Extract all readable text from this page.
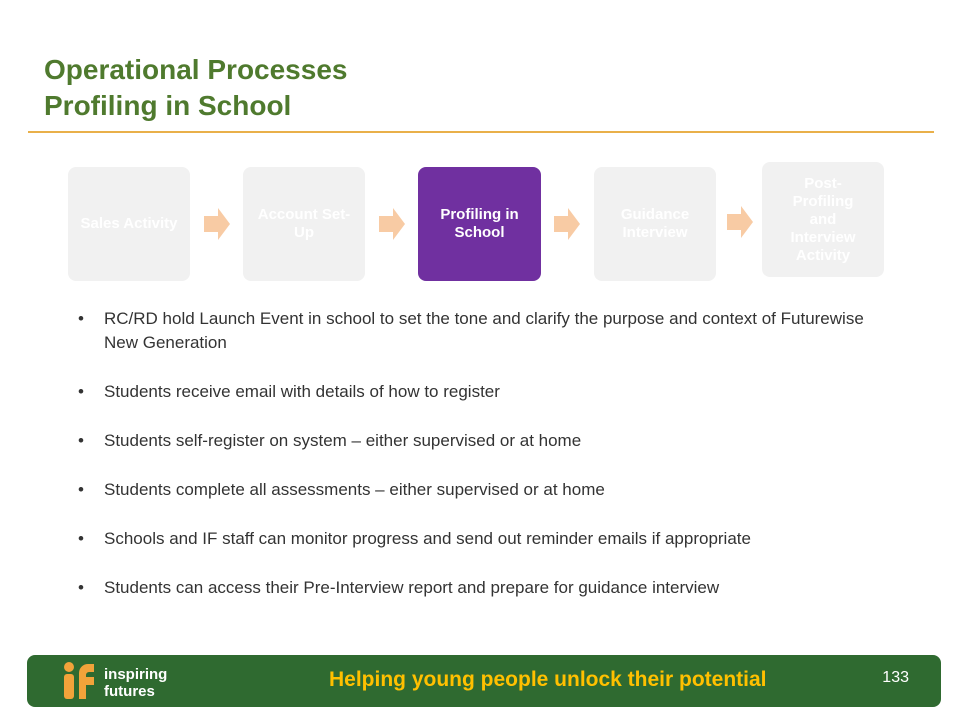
Operational Processes
Profiling in School
Sales Activity
Account Set-Up
Profiling in School
Guidance Interview
Post-Profiling and Interview Activity
• RC/RD hold Launch Event in school to set the tone and clarify the purpose and context of Futurewise New Generation
• Students receive email with details of how to register
• Students self-register on system – either supervised or at home
• Students complete all assessments – either supervised or at home
• Schools and IF staff can monitor progress and send out reminder emails if appropriate
• Students can access their Pre-Interview report and prepare for guidance interview
inspiring
futures
Helping young people unlock their potential	133
